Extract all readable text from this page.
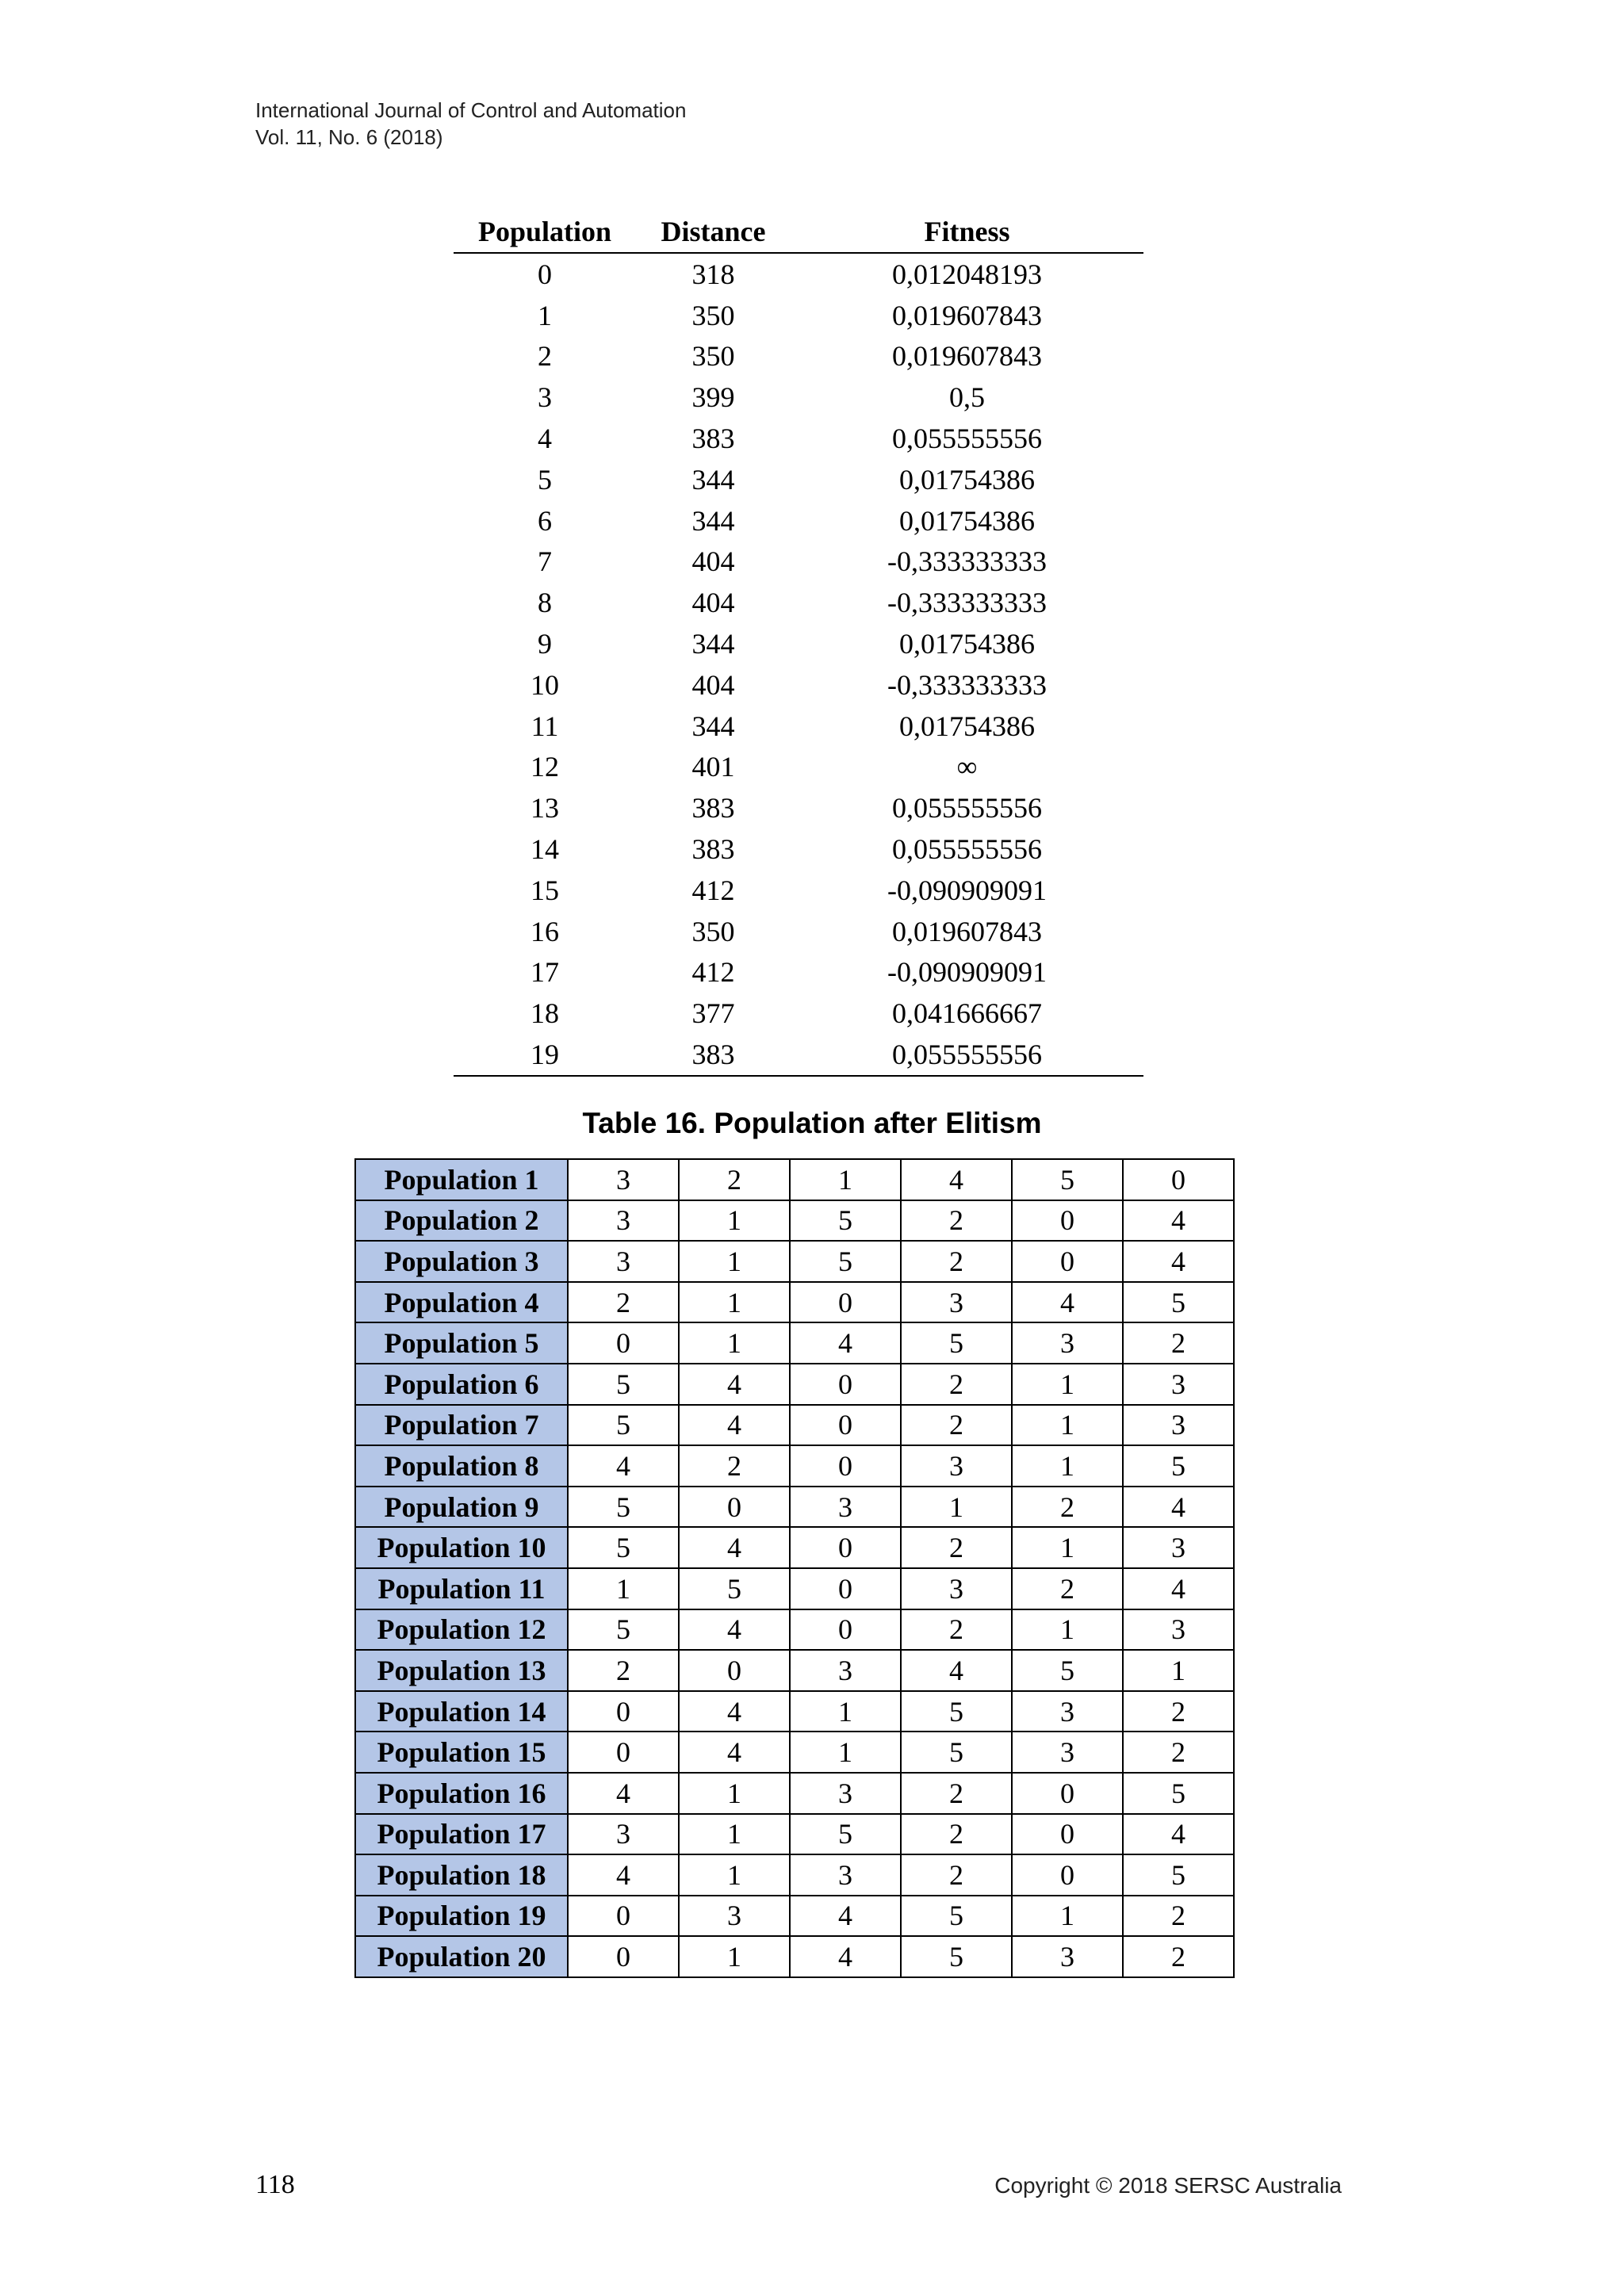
International Journal of Control and Automation
Vol. 11, No. 6 (2018)
Population	Distance	Fitness
0	318	0,012048193
1	350	0,019607843
2	350	0,019607843
3	399	0,5
4	383	0,055555556
5	344	0,01754386
6	344	0,01754386
7	404	-0,333333333
8	404	-0,333333333
9	344	0,01754386
10	404	-0,333333333
11	344	0,01754386
12	401	∞
13	383	0,055555556
14	383	0,055555556
15	412	-0,090909091
16	350	0,019607843
17	412	-0,090909091
18	377	0,041666667
19	383	0,055555556
Table 16. Population after Elitism
Population 1	3	2	1	4	5	0
Population 2	3	1	5	2	0	4
Population 3	3	1	5	2	0	4
Population 4	2	1	0	3	4	5
Population 5	0	1	4	5	3	2
Population 6	5	4	0	2	1	3
Population 7	5	4	0	2	1	3
Population 8	4	2	0	3	1	5
Population 9	5	0	3	1	2	4
Population 10	5	4	0	2	1	3
Population 11	1	5	0	3	2	4
Population 12	5	4	0	2	1	3
Population 13	2	0	3	4	5	1
Population 14	0	4	1	5	3	2
Population 15	0	4	1	5	3	2
Population 16	4	1	3	2	0	5
Population 17	3	1	5	2	0	4
Population 18	4	1	3	2	0	5
Population 19	0	3	4	5	1	2
Population 20	0	1	4	5	3	2
118	Copyright © 2018 SERSC Australia
